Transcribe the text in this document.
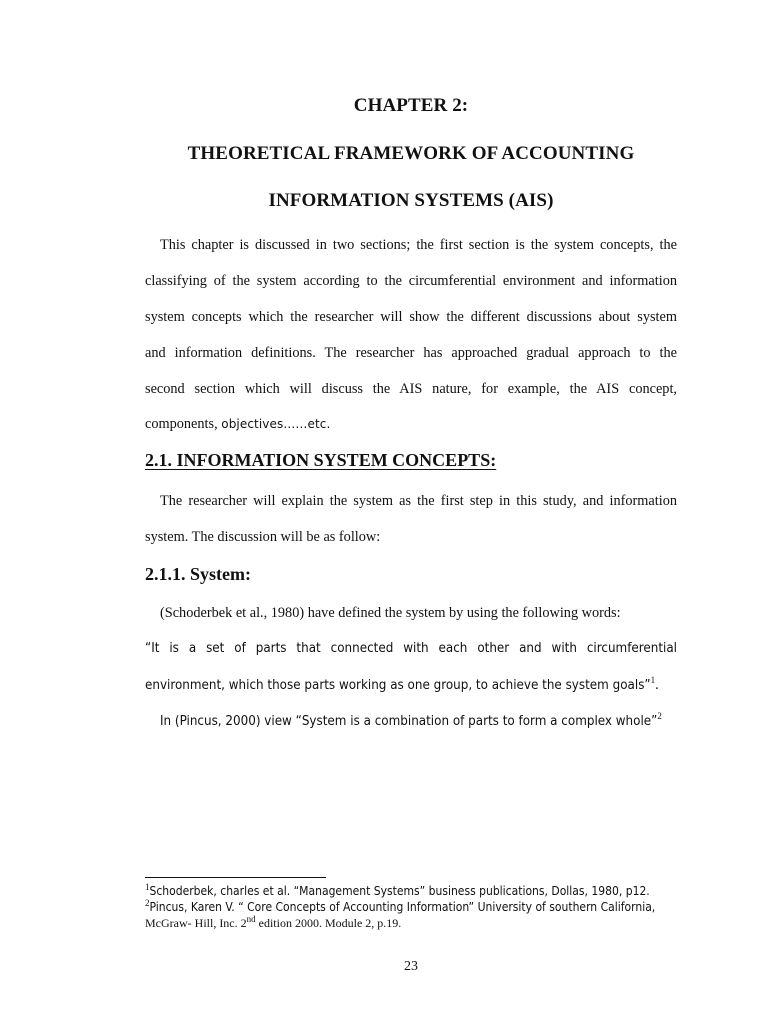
CHAPTER 2:
THEORETICAL FRAMEWORK OF ACCOUNTING
INFORMATION SYSTEMS (AIS)
This chapter is discussed in two sections; the first section is the system concepts, the
classifying of the system according to the circumferential environment and information
system concepts which the researcher will show the different discussions about system
and information definitions. The researcher has approached gradual approach to the
second section which will discuss the AIS nature, for example, the AIS concept,
components, objectives……etc.
2.1. INFORMATION SYSTEM CONCEPTS:
The researcher will explain the system as the first step in this study, and information
system. The discussion will be as follow:
2.1.1. System:
(Schoderbek et al., 1980) have defined the system by using the following words:
“It is a set of parts that connected with each other and with circumferential
environment, which those parts working as one group, to achieve the system goals”$^1$.
In (Pincus, 2000) view “System is a combination of parts to form a complex whole”$^2$
$^1$Schoderbek, charles et al. “Management Systems” business publications, Dollas, 1980, p12.
$^2$Pincus, Karen V. “ Core Concepts of Accounting Information” University of southern California,
McGraw- Hill, Inc. 2nd edition 2000. Module 2, p.19.
23
